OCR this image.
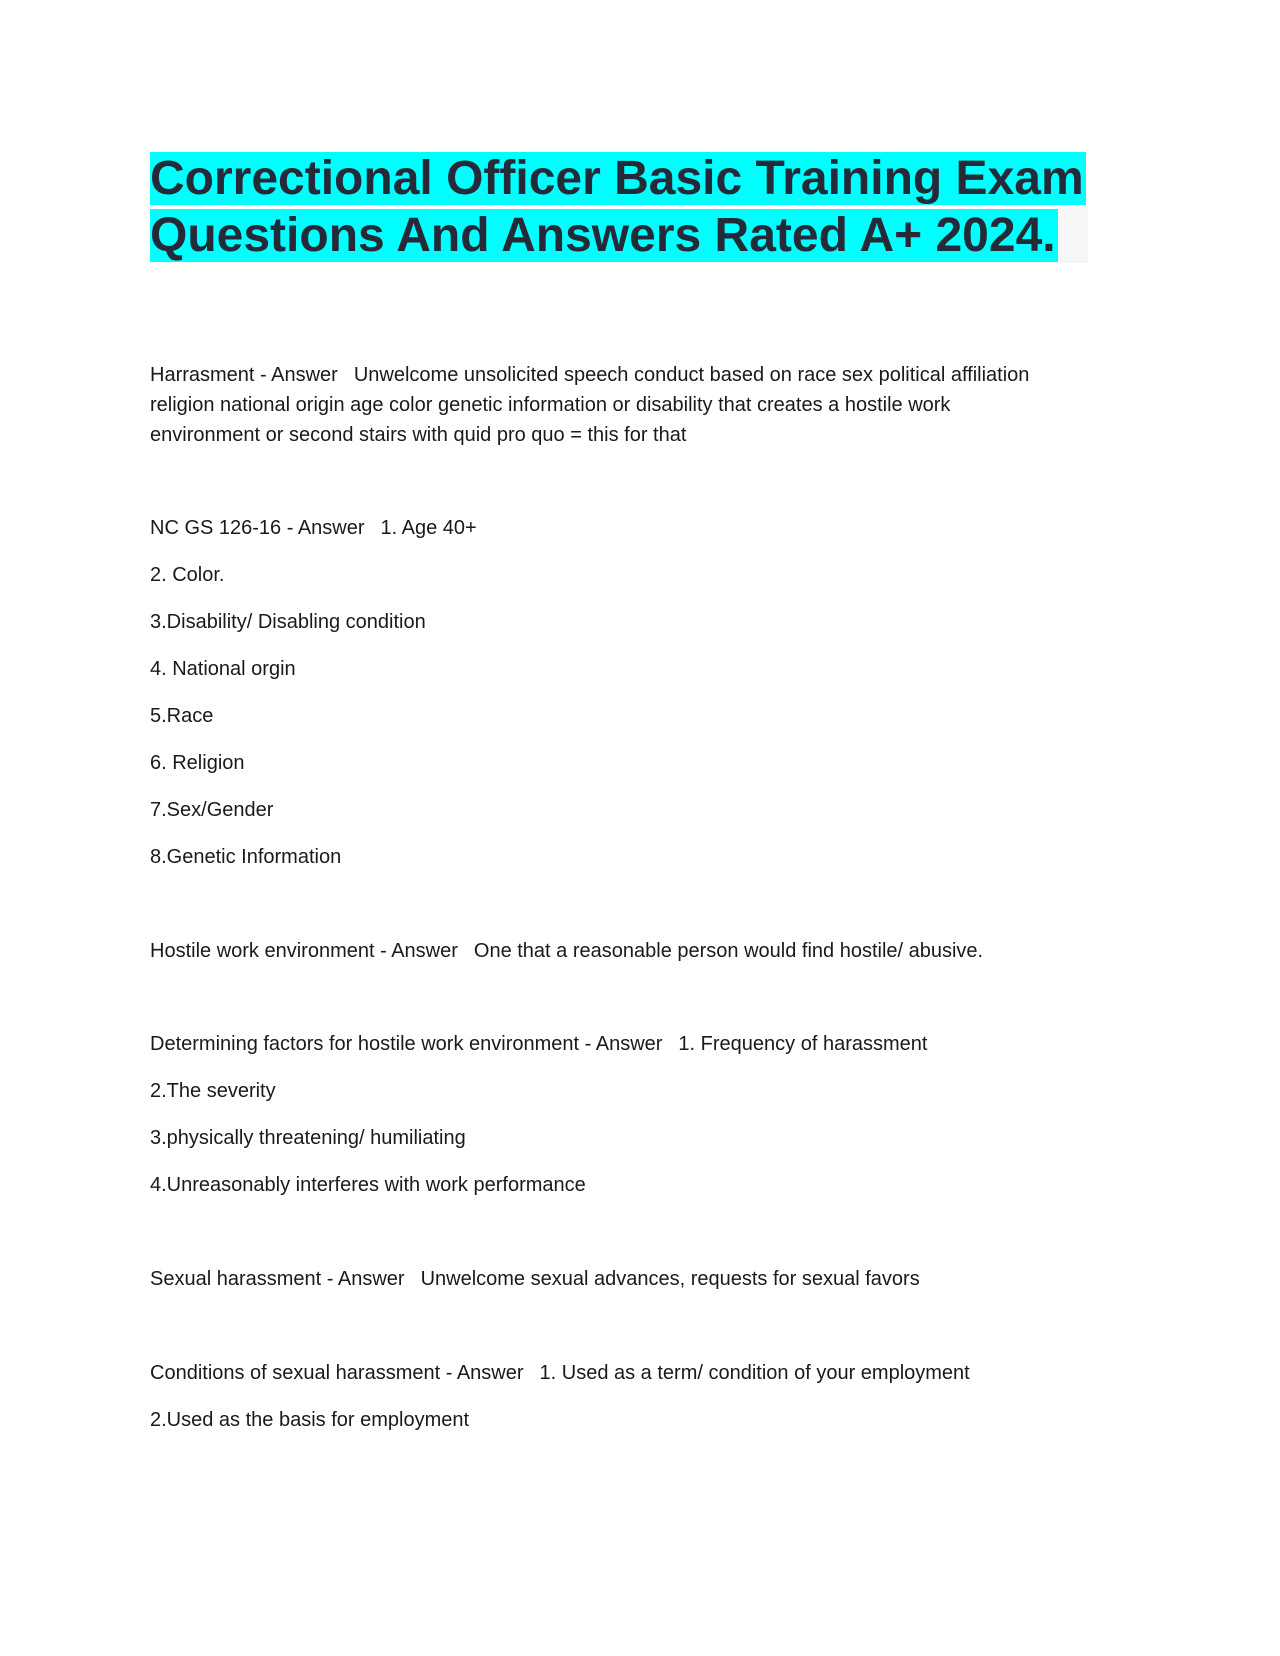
Correctional Officer Basic Training Exam
Questions And Answers Rated A+ 2024.

Harrasment - Answer Unwelcome unsolicited speech conduct based on race sex political affiliation

religion national origin age color genetic information or disability that creates a hostile work

environment or second stairs with quid pro quo = this for that

NC GS 126-16 - Answer 1. Age 40+

2. Color.

3.Disability/ Disabling condition

4. National orgin

5.Race

6. Religion

7.Sex/Gender

8.Genetic Information

Hostile work environment - Answer One that a reasonable person would find hostile/ abusive.

Determining factors for hostile work environment - Answer 1. Frequency of harassment

2.The severity

3.physically threatening/ humiliating

4.Unreasonably interferes with work performance

Sexual harassment - Answer Unwelcome sexual advances, requests for sexual favors

Conditions of sexual harassment - Answer 1. Used as a term/ condition of your employment

2.Used as the basis for employment
